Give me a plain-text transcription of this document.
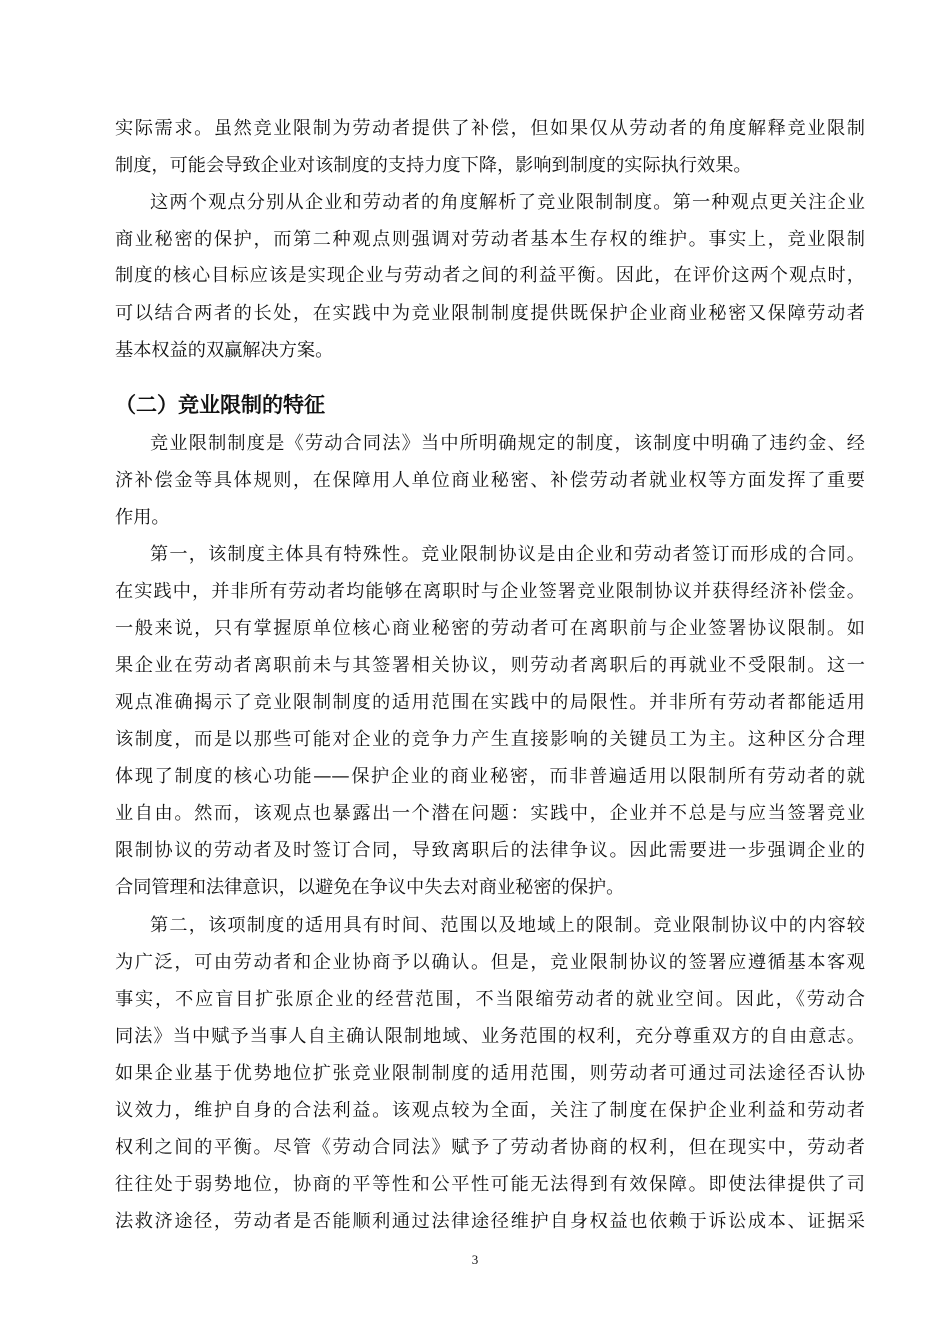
实际需求。虽然竞业限制为劳动者提供了补偿，但如果仅从劳动者的角度解释竞业限制
制度，可能会导致企业对该制度的支持力度下降，影响到制度的实际执行效果。
这两个观点分别从企业和劳动者的角度解析了竞业限制制度。第一种观点更关注企业
商业秘密的保护，而第二种观点则强调对劳动者基本生存权的维护。事实上，竞业限制
制度的核心目标应该是实现企业与劳动者之间的利益平衡。因此，在评价这两个观点时，
可以结合两者的长处，在实践中为竞业限制制度提供既保护企业商业秘密又保障劳动者
基本权益的双赢解决方案。
（二）竞业限制的特征
竞业限制制度是《劳动合同法》当中所明确规定的制度，该制度中明确了违约金、经
济补偿金等具体规则，在保障用人单位商业秘密、补偿劳动者就业权等方面发挥了重要
作用。
第一，该制度主体具有特殊性。竞业限制协议是由企业和劳动者签订而形成的合同。
在实践中，并非所有劳动者均能够在离职时与企业签署竞业限制协议并获得经济补偿金。
一般来说，只有掌握原单位核心商业秘密的劳动者可在离职前与企业签署协议限制。如
果企业在劳动者离职前未与其签署相关协议，则劳动者离职后的再就业不受限制。这一
观点准确揭示了竞业限制制度的适用范围在实践中的局限性。并非所有劳动者都能适用
该制度，而是以那些可能对企业的竞争力产生直接影响的关键员工为主。这种区分合理
体现了制度的核心功能——保护企业的商业秘密，而非普遍适用以限制所有劳动者的就
业自由。然而，该观点也暴露出一个潜在问题：实践中，企业并不总是与应当签署竞业
限制协议的劳动者及时签订合同，导致离职后的法律争议。因此需要进一步强调企业的
合同管理和法律意识，以避免在争议中失去对商业秘密的保护。
第二，该项制度的适用具有时间、范围以及地域上的限制。竞业限制协议中的内容较
为广泛，可由劳动者和企业协商予以确认。但是，竞业限制协议的签署应遵循基本客观
事实，不应盲目扩张原企业的经营范围，不当限缩劳动者的就业空间。因此，《劳动合
同法》当中赋予当事人自主确认限制地域、业务范围的权利，充分尊重双方的自由意志。
如果企业基于优势地位扩张竞业限制制度的适用范围，则劳动者可通过司法途径否认协
议效力，维护自身的合法利益。该观点较为全面，关注了制度在保护企业利益和劳动者
权利之间的平衡。尽管《劳动合同法》赋予了劳动者协商的权利，但在现实中，劳动者
往往处于弱势地位，协商的平等性和公平性可能无法得到有效保障。即使法律提供了司
法救济途径，劳动者是否能顺利通过法律途径维护自身权益也依赖于诉讼成本、证据采
3
